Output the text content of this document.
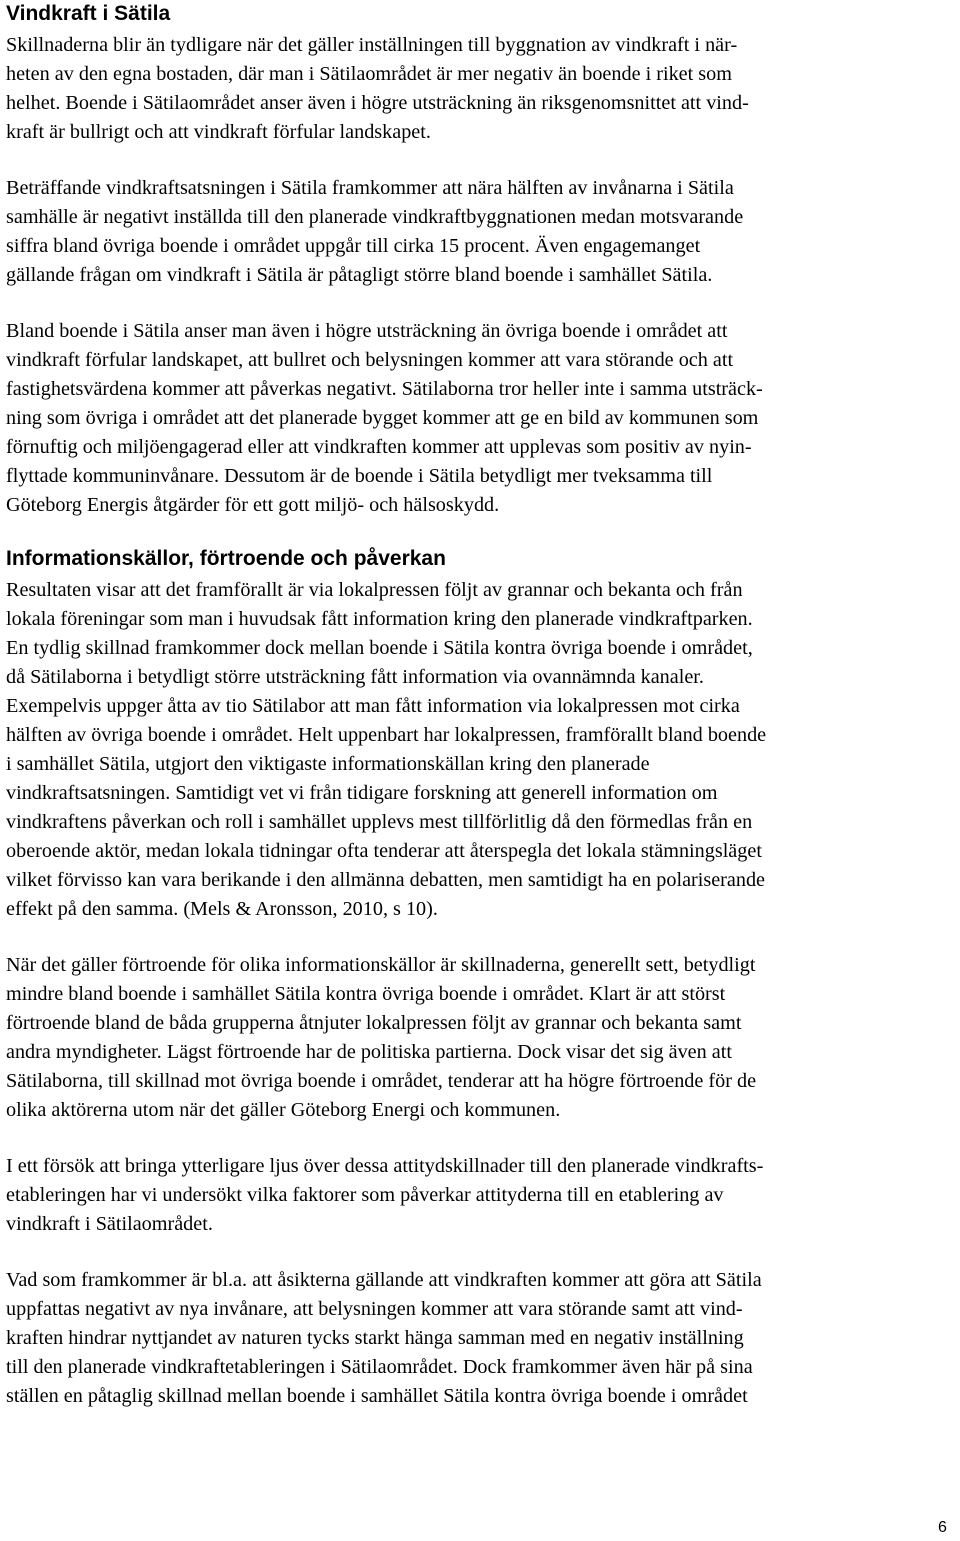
Vindkraft i Sätila

Skillnaderna blir än tydligare när det gäller inställningen till byggnation av vindkraft i när-
heten av den egna bostaden, där man i Sätilaområdet är mer negativ än boende i riket som
helhet. Boende i Sätilaområdet anser även i högre utsträckning än riksgenomsnittet att vind-
kraft är bullrigt och att vindkraft förfular landskapet.

Beträffande vindkraftsatsningen i Sätila framkommer att nära hälften av invånarna i Sätila
samhälle är negativt inställda till den planerade vindkraftbyggnationen medan motsvarande
siffra bland övriga boende i området uppgår till cirka 15 procent. Även engagemanget
gällande frågan om vindkraft i Sätila är påtagligt större bland boende i samhället Sätila.

Bland boende i Sätila anser man även i högre utsträckning än övriga boende i området att
vindkraft förfular landskapet, att bullret och belysningen kommer att vara störande och att
fastighetsvärdena kommer att påverkas negativt. Sätilaborna tror heller inte i samma utsträck-
ning som övriga i området att det planerade bygget kommer att ge en bild av kommunen som
förnuftig och miljöengagerad eller att vindkraften kommer att upplevas som positiv av nyin-
flyttade kommuninvånare. Dessutom är de boende i Sätila betydligt mer tveksamma till
Göteborg Energis åtgärder för ett gott miljö- och hälsoskydd.

Informationskällor, förtroende och påverkan

Resultaten visar att det framförallt är via lokalpressen följt av grannar och bekanta och från
lokala föreningar som man i huvudsak fått information kring den planerade vindkraftparken.
En tydlig skillnad framkommer dock mellan boende i Sätila kontra övriga boende i området,
då Sätilaborna i betydligt större utsträckning fått information via ovannämnda kanaler.
Exempelvis uppger åtta av tio Sätilabor att man fått information via lokalpressen mot cirka
hälften av övriga boende i området. Helt uppenbart har lokalpressen, framförallt bland boende
i samhället Sätila, utgjort den viktigaste informationskällan kring den planerade
vindkraftsatsningen. Samtidigt vet vi från tidigare forskning att generell information om
vindkraftens påverkan och roll i samhället upplevs mest tillförlitlig då den förmedlas från en
oberoende aktör, medan lokala tidningar ofta tenderar att återspegla det lokala stämningsläget
vilket förvisso kan vara berikande i den allmänna debatten, men samtidigt ha en polariserande
effekt på den samma. (Mels & Aronsson, 2010, s 10).

När det gäller förtroende för olika informationskällor är skillnaderna, generellt sett, betydligt
mindre bland boende i samhället Sätila kontra övriga boende i området. Klart är att störst
förtroende bland de båda grupperna åtnjuter lokalpressen följt av grannar och bekanta samt
andra myndigheter. Lägst förtroende har de politiska partierna. Dock visar det sig även att
Sätilaborna, till skillnad mot övriga boende i området, tenderar att ha högre förtroende för de
olika aktörerna utom när det gäller Göteborg Energi och kommunen.

I ett försök att bringa ytterligare ljus över dessa attitydskillnader till den planerade vindkrafts-
etableringen har vi undersökt vilka faktorer som påverkar attityderna till en etablering av
vindkraft i Sätilaområdet.

Vad som framkommer är bl.a. att åsikterna gällande att vindkraften kommer att göra att Sätila
uppfattas negativt av nya invånare, att belysningen kommer att vara störande samt att vind-
kraften hindrar nyttjandet av naturen tycks starkt hänga samman med en negativ inställning
till den planerade vindkraftetableringen i Sätilaområdet. Dock framkommer även här på sina
ställen en påtaglig skillnad mellan boende i samhället Sätila kontra övriga boende i området

6
